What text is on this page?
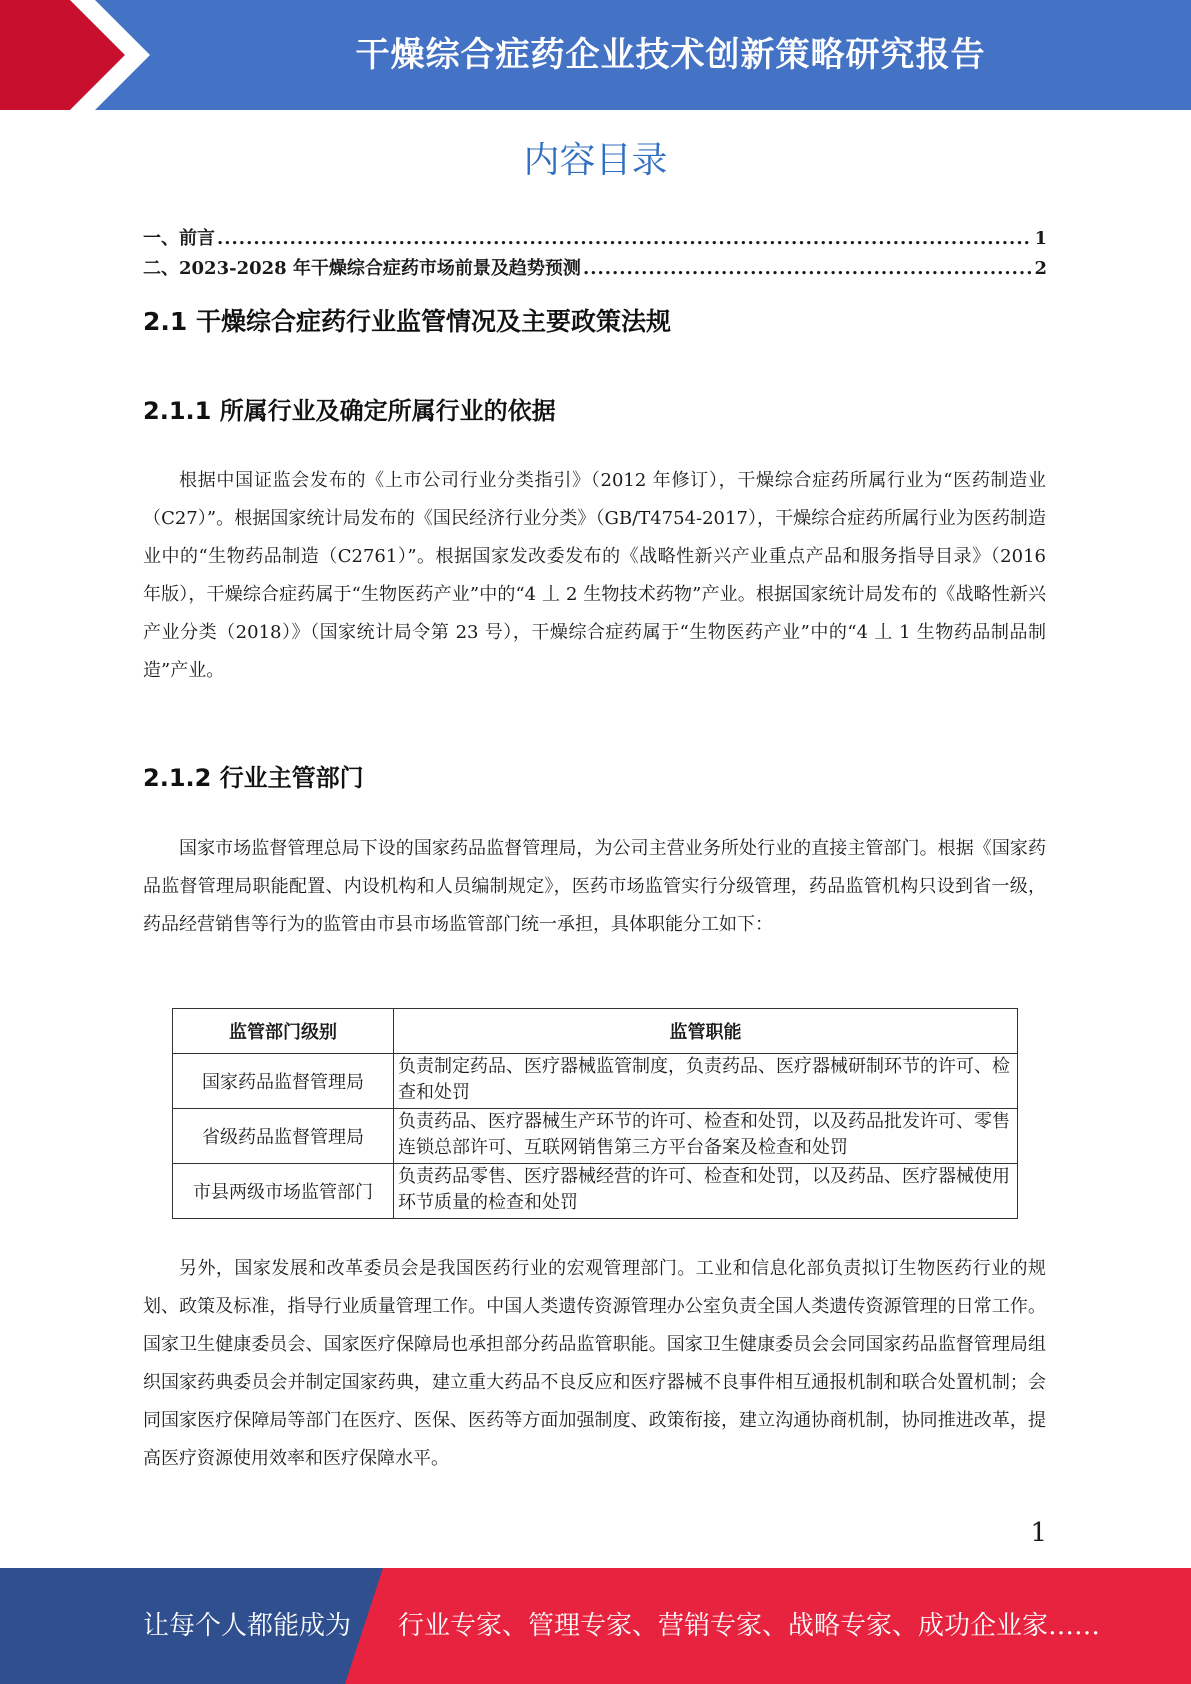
干燥综合症药企业技术创新策略研究报告
内容目录
一、前言 .....	1
二、2023-2028 年干燥综合症药市场前景及趋势预测 .....	2
2.1 干燥综合症药行业监管情况及主要政策法规
2.1.1 所属行业及确定所属行业的依据
根据中国证监会发布的《上市公司行业分类指引》（2012 年修订），干燥综合症药所属行业为“医药制造业（C27）”。根据国家统计局发布的《国民经济行业分类》（GB/T4754-2017），干燥综合症药所属行业为医药制造业中的“生物药品制造（C2761）”。根据国家发改委发布的《战略性新兴产业重点产品和服务指导目录》（2016 年版），干燥综合症药属于“生物医药产业”中的“4 丄 2 生物技术药物”产业。根据国家统计局发布的《战略性新兴产业分类（2018）》（国家统计局令第 23 号），干燥综合症药属于“生物医药产业”中的“4 丄 1 生物药品制品制造”产业。
2.1.2 行业主管部门
国家市场监督管理总局下设的国家药品监督管理局，为公司主营业务所处行业的直接主管部门。根据《国家药品监督管理局职能配置、内设机构和人员编制规定》，医药市场监管实行分级管理，药品监管机构只设到省一级，药品经营销售等行为的监管由市县市场监管部门统一承担，具体职能分工如下：
监管部门级别	监管职能
国家药品监督管理局	负责制定药品、医疗器械监管制度，负责药品、医疗器械研制环节的许可、检查和处罚
省级药品监督管理局	负责药品、医疗器械生产环节的许可、检查和处罚，以及药品批发许可、零售连锁总部许可、互联网销售第三方平台备案及检查和处罚
市县两级市场监管部门	负责药品零售、医疗器械经营的许可、检查和处罚，以及药品、医疗器械使用环节质量的检查和处罚
另外，国家发展和改革委员会是我国医药行业的宏观管理部门。工业和信息化部负责拟订生物医药行业的规划、政策及标准，指导行业质量管理工作。中国人类遗传资源管理办公室负责全国人类遗传资源管理的日常工作。国家卫生健康委员会、国家医疗保障局也承担部分药品监管职能。国家卫生健康委员会会同国家药品监督管理局组织国家药典委员会并制定国家药典，建立重大药品不良反应和医疗器械不良事件相互通报机制和联合处置机制；会同国家医疗保障局等部门在医疗、医保、医药等方面加强制度、政策衔接，建立沟通协商机制，协同推进改革，提高医疗资源使用效率和医疗保障水平。
1
让每个人都能成为 行业专家、管理专家、营销专家、战略专家、成功企业家……
